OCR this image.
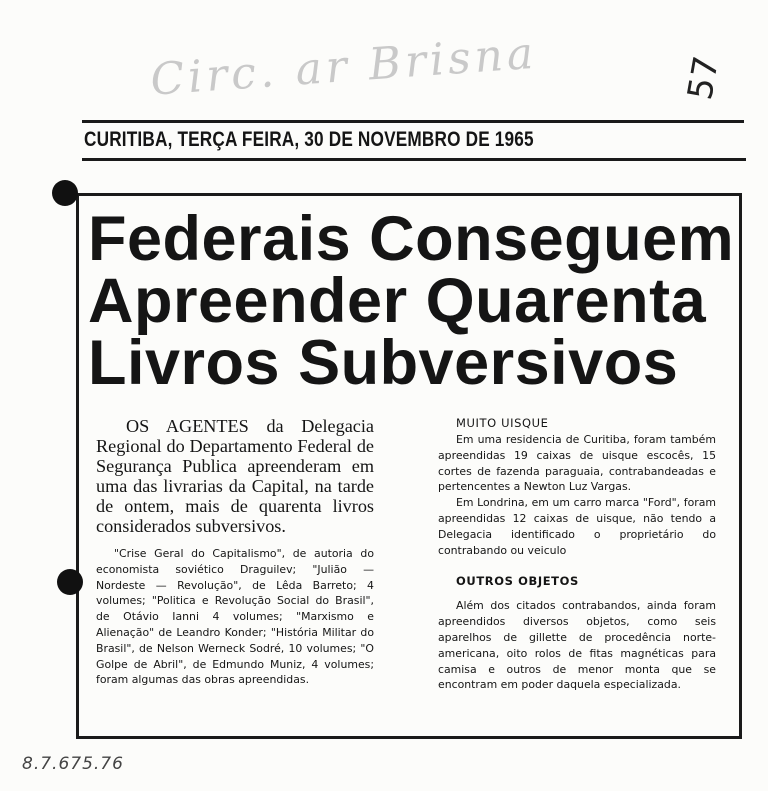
Circ. ar Brisna	57
CURITIBA, TERÇA FEIRA, 30 DE NOVEMBRO DE 1965
Federais Conseguem
Apreender Quarenta
Livros Subversivos

OS AGENTES da Delegacia Regional do Departamento Federal de Segurança Publica apreenderam em uma das livrarias da Capital, na tarde de ontem, mais de quarenta livros considerados subversivos.

"Crise Geral do Capitalismo", de autoria do economista soviético Draguilev; "Julião — Nordeste — Revolução", de Lêda Barreto; 4 volumes; "Politica e Revolução Social do Brasil", de Otávio Ianni 4 volumes; "Marxismo e Alienação" de Leandro Konder; "História Militar do Brasil", de Nelson Werneck Sodré, 10 volumes; "O Golpe de Abril", de Edmundo Muniz, 4 volumes; foram algumas das obras apreendidas.

MUITO UISQUE

Em uma residencia de Curitiba, foram também apreendidas 19 caixas de uisque escocês, 15 cortes de fazenda paraguaia, contrabandeadas e pertencentes a Newton Luz Vargas.

Em Londrina, em um carro marca "Ford", foram apreendidas 12 caixas de uisque, não tendo a Delegacia identificado o proprietário do contrabando ou veiculo

OUTROS OBJETOS

Além dos citados contrabandos, ainda foram apreendidos diversos objetos, como seis aparelhos de gillette de procedência norte-americana, oito rolos de fitas magnéticas para camisa e outros de menor monta que se encontram em poder daquela especializada.

8.7.675.76
